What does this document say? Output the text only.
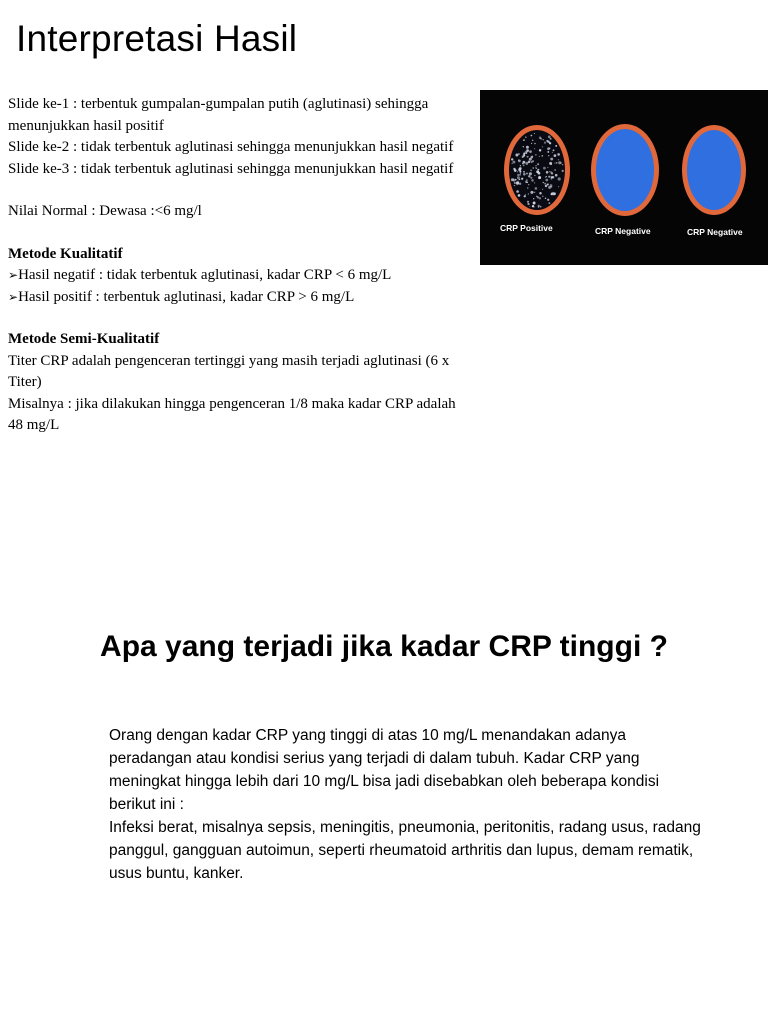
Interpretasi Hasil

Slide ke-1 : terbentuk gumpalan-gumpalan putih (aglutinasi) sehingga menunjukkan hasil positif

Slide ke-2 : tidak terbentuk aglutinasi sehingga menunjukkan hasil negatif

Slide ke-3 : tidak terbentuk aglutinasi sehingga menunjukkan hasil negatif

Nilai Normal : Dewasa :<6 mg/l

Metode Kualitatif

➢Hasil negatif : tidak terbentuk aglutinasi, kadar CRP < 6 mg/L

➢Hasil positif : terbentuk aglutinasi, kadar CRP > 6 mg/L

Metode Semi-Kualitatif

Titer CRP adalah pengenceran tertinggi yang masih terjadi aglutinasi (6 x Titer)

Misalnya : jika dilakukan hingga pengenceran 1/8 maka kadar CRP adalah 48 mg/L

CRP Positive	CRP Negative	CRP Negative
Apa yang terjadi jika kadar CRP tinggi ?

Orang dengan kadar CRP yang tinggi di atas 10 mg/L menandakan adanya peradangan atau kondisi serius yang terjadi di dalam tubuh. Kadar CRP yang meningkat hingga lebih dari 10 mg/L bisa jadi disebabkan oleh beberapa kondisi berikut ini :

Infeksi berat, misalnya sepsis, meningitis, pneumonia, peritonitis, radang usus, radang panggul, gangguan autoimun, seperti rheumatoid arthritis dan lupus, demam rematik, usus buntu, kanker.
